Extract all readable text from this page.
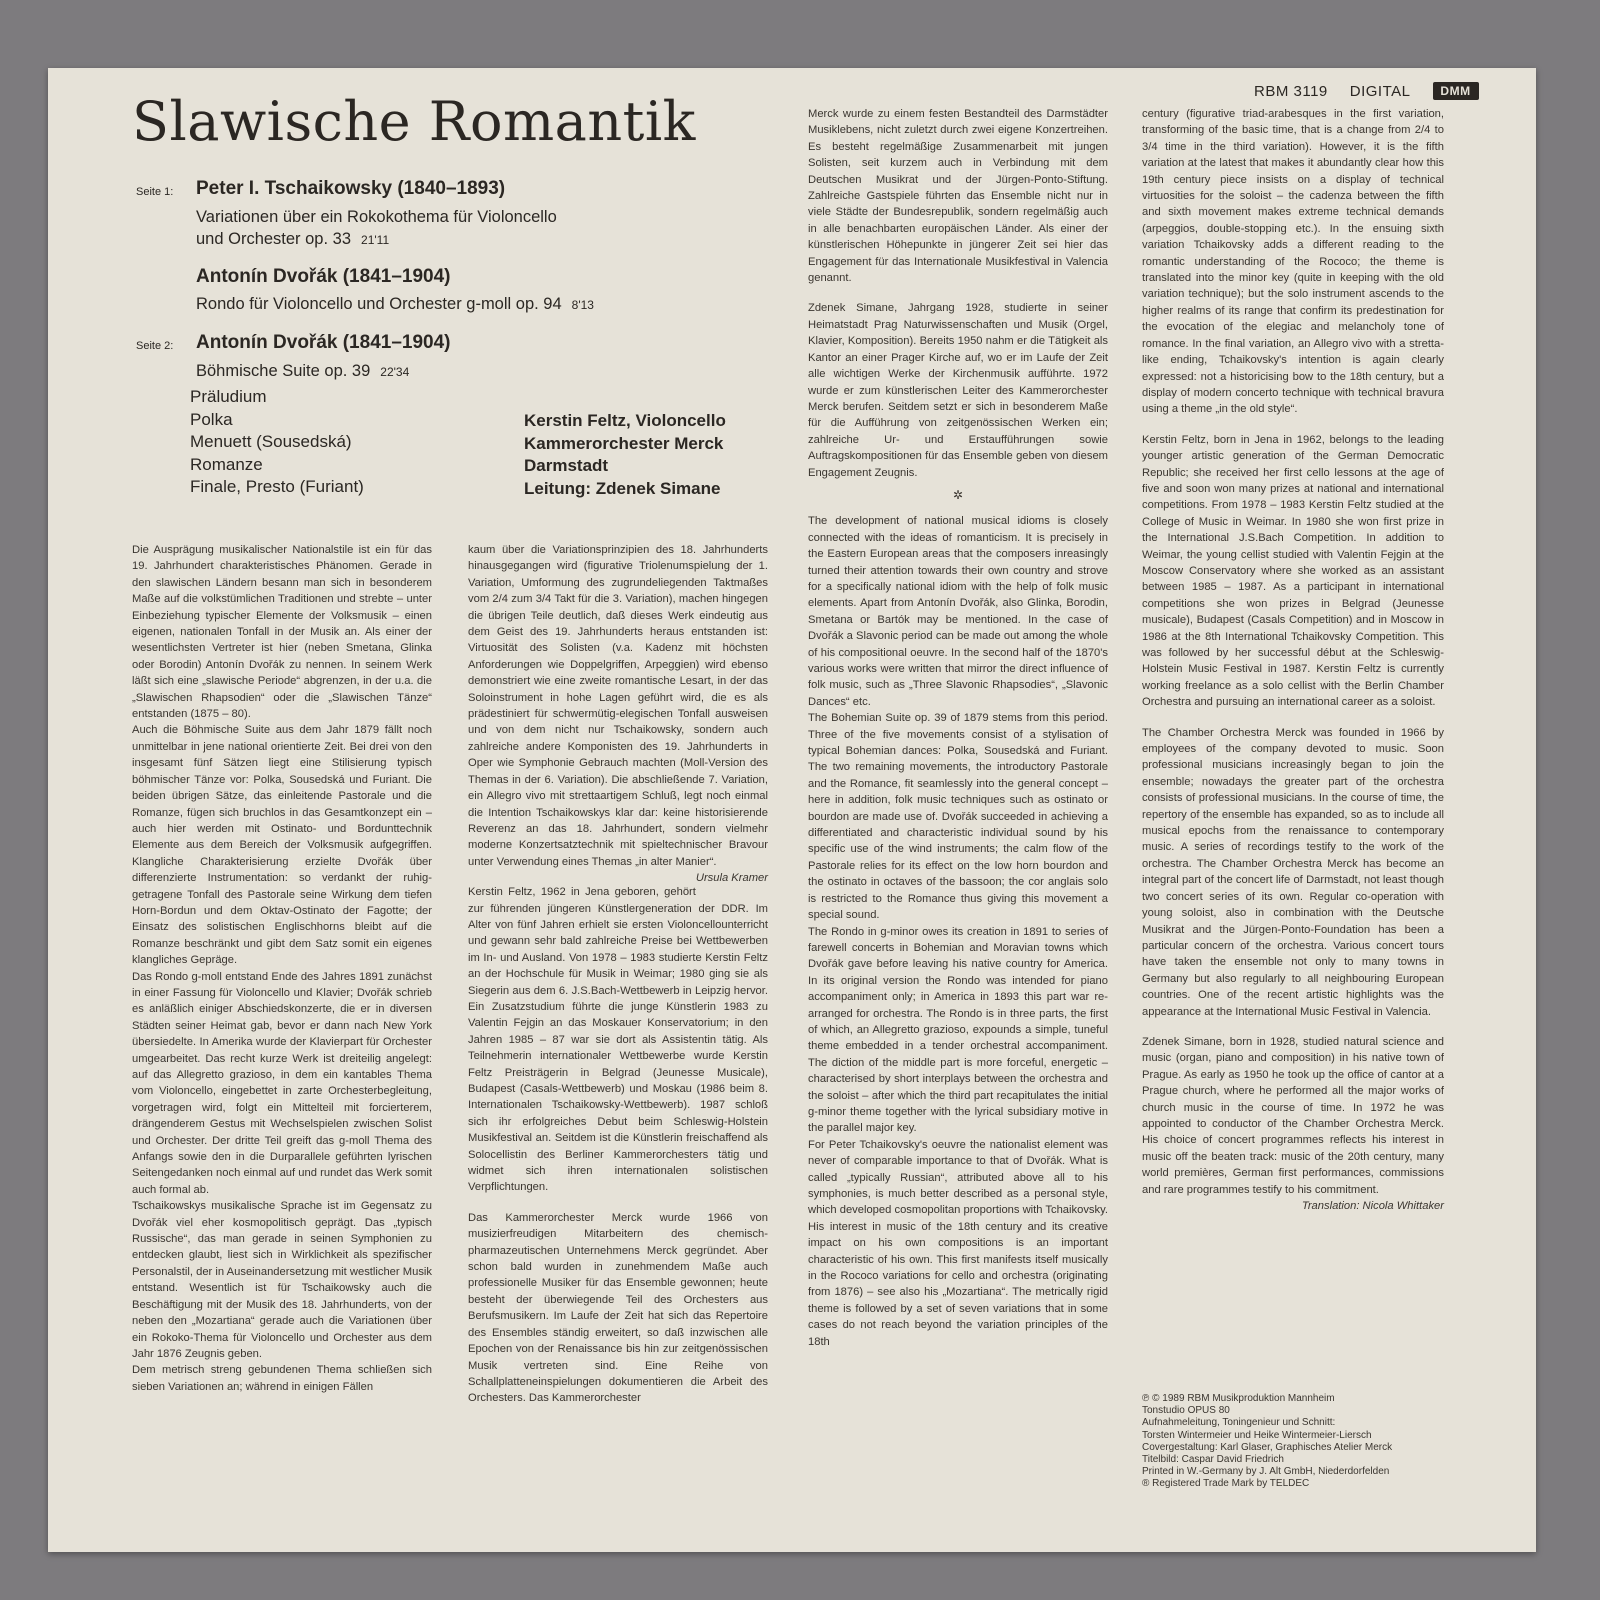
RBM 3119 DIGITAL	DMM
Slawische Romantik
Seite 1: Peter I. Tschaikowsky (1840–1893)
Variationen über ein Rokokothema für Violoncello
und Orchester op. 33 21'11
Antonín Dvořák (1841–1904)
Rondo für Violoncello und Orchester g-moll op. 94 8'13
Seite 2: Antonín Dvořák (1841–1904)
Böhmische Suite op. 39 22'34
Präludium
Polka
Menuett (Sousedská)
Romanze
Finale, Presto (Furiant)
Kerstin Feltz, Violoncello
Kammerorchester Merck
Darmstadt
Leitung: Zdenek Simane

Die Ausprägung musikalischer Nationalstile ist ein für das 19. Jahrhundert charakteristisches Phänomen. Gerade in den slawischen Ländern besann man sich in besonderem Maße auf die volkstümlichen Traditionen und strebte – unter Einbeziehung typischer Elemente der Volksmusik – einen eigenen, nationalen Tonfall in der Musik an. Als einer der wesentlichsten Vertreter ist hier (neben Smetana, Glinka oder Borodin) Antonín Dvořák zu nennen. In seinem Werk läßt sich eine „slawische Periode“ abgrenzen, in der u.a. die „Slawischen Rhapsodien“ oder die „Slawischen Tänze“ entstanden (1875 – 80).

Auch die Böhmische Suite aus dem Jahr 1879 fällt noch unmittelbar in jene national orientierte Zeit. Bei drei von den insgesamt fünf Sätzen liegt eine Stilisierung typisch böhmischer Tänze vor: Polka, Sousedská und Furiant. Die beiden übrigen Sätze, das einleitende Pastorale und die Romanze, fügen sich bruchlos in das Gesamtkonzept ein – auch hier werden mit Ostinato- und Bordunttechnik Elemente aus dem Bereich der Volksmusik aufgegriffen. Klangliche Charakterisierung erzielte Dvořák über differenzierte Instrumentation: so verdankt der ruhig-getragene Tonfall des Pastorale seine Wirkung dem tiefen Horn-Bordun und dem Oktav-Ostinato der Fagotte; der Einsatz des solistischen Englischhorns bleibt auf die Romanze beschränkt und gibt dem Satz somit ein eigenes klangliches Gepräge.

Das Rondo g-moll entstand Ende des Jahres 1891 zunächst in einer Fassung für Violoncello und Klavier; Dvořák schrieb es anläßlich einiger Abschiedskonzerte, die er in diversen Städten seiner Heimat gab, bevor er dann nach New York übersiedelte. In Amerika wurde der Klavierpart für Orchester umgearbeitet. Das recht kurze Werk ist dreiteilig angelegt: auf das Allegretto grazioso, in dem ein kantables Thema vom Violoncello, eingebettet in zarte Orchesterbegleitung, vorgetragen wird, folgt ein Mittelteil mit forcierterem, drängenderem Gestus mit Wechselspielen zwischen Solist und Orchester. Der dritte Teil greift das g-moll Thema des Anfangs sowie den in die Durparallele geführten lyrischen Seitengedanken noch einmal auf und rundet das Werk somit auch formal ab.

Tschaikowskys musikalische Sprache ist im Gegensatz zu Dvořák viel eher kosmopolitisch geprägt. Das „typisch Russische“, das man gerade in seinen Symphonien zu entdecken glaubt, liest sich in Wirklichkeit als spezifischer Personalstil, der in Auseinandersetzung mit westlicher Musik entstand. Wesentlich ist für Tschaikowsky auch die Beschäftigung mit der Musik des 18. Jahrhunderts, von der neben den „Mozartiana“ gerade auch die Variationen über ein Rokoko-Thema für Violoncello und Orchester aus dem Jahr 1876 Zeugnis geben.

Dem metrisch streng gebundenen Thema schließen sich sieben Variationen an; während in einigen Fällen

kaum über die Variationsprinzipien des 18. Jahrhunderts hinausgegangen wird (figurative Triolenumspielung der 1. Variation, Umformung des zugrundeliegenden Taktmaßes vom 2/4 zum 3/4 Takt für die 3. Variation), machen hingegen die übrigen Teile deutlich, daß dieses Werk eindeutig aus dem Geist des 19. Jahrhunderts heraus entstanden ist: Virtuosität des Solisten (v.a. Kadenz mit höchsten Anforderungen wie Doppelgriffen, Arpeggien) wird ebenso demonstriert wie eine zweite romantische Lesart, in der das Soloinstrument in hohe Lagen geführt wird, die es als prädestiniert für schwermütig-elegischen Tonfall ausweisen und von dem nicht nur Tschaikowsky, sondern auch zahlreiche andere Komponisten des 19. Jahrhunderts in Oper wie Symphonie Gebrauch machten (Moll-Version des Themas in der 6. Variation). Die abschließende 7. Variation, ein Allegro vivo mit strettaartigem Schluß, legt noch einmal die Intention Tschaikowskys klar dar: keine historisierende Reverenz an das 18. Jahrhundert, sondern vielmehr moderne Konzertsatztechnik mit spieltechnischer Bravour unter Verwendung eines Themas „in alter Manier“.
Ursula Kramer

Kerstin Feltz, 1962 in Jena geboren, gehört zur führenden jüngeren Künstlergeneration der DDR. Im Alter von fünf Jahren erhielt sie ersten Violoncellounterricht und gewann sehr bald zahlreiche Preise bei Wettbewerben im In- und Ausland. Von 1978 – 1983 studierte Kerstin Feltz an der Hochschule für Musik in Weimar; 1980 ging sie als Siegerin aus dem 6. J.S.Bach-Wettbewerb in Leipzig hervor. Ein Zusatzstudium führte die junge Künstlerin 1983 zu Valentin Fejgin an das Moskauer Konservatorium; in den Jahren 1985 – 87 war sie dort als Assistentin tätig. Als Teilnehmerin internationaler Wettbewerbe wurde Kerstin Feltz Preisträgerin in Belgrad (Jeunesse Musicale), Budapest (Casals-Wettbewerb) und Moskau (1986 beim 8. Internationalen Tschaikowsky-Wettbewerb). 1987 schloß sich ihr erfolgreiches Debut beim Schleswig-Holstein Musikfestival an. Seitdem ist die Künstlerin freischaffend als Solocellistin des Berliner Kammerorchesters tätig und widmet sich ihren internationalen solistischen Verpflichtungen.

Das Kammerorchester Merck wurde 1966 von musizierfreudigen Mitarbeitern des chemisch-pharmazeutischen Unternehmens Merck gegründet. Aber schon bald wurden in zunehmendem Maße auch professionelle Musiker für das Ensemble gewonnen; heute besteht der überwiegende Teil des Orchesters aus Berufsmusikern. Im Laufe der Zeit hat sich das Repertoire des Ensembles ständig erweitert, so daß inzwischen alle Epochen von der Renaissance bis hin zur zeitgenössischen Musik vertreten sind. Eine Reihe von Schallplatteneinspielungen dokumentieren die Arbeit des Orchesters. Das Kammerorchester

Merck wurde zu einem festen Bestandteil des Darmstädter Musiklebens, nicht zuletzt durch zwei eigene Konzertreihen. Es besteht regelmäßige Zusammenarbeit mit jungen Solisten, seit kurzem auch in Verbindung mit dem Deutschen Musikrat und der Jürgen-Ponto-Stiftung. Zahlreiche Gastspiele führten das Ensemble nicht nur in viele Städte der Bundesrepublik, sondern regelmäßig auch in alle benachbarten europäischen Länder. Als einer der künstlerischen Höhepunkte in jüngerer Zeit sei hier das Engagement für das Internationale Musikfestival in Valencia genannt.

Zdenek Simane, Jahrgang 1928, studierte in seiner Heimatstadt Prag Naturwissenschaften und Musik (Orgel, Klavier, Komposition). Bereits 1950 nahm er die Tätigkeit als Kantor an einer Prager Kirche auf, wo er im Laufe der Zeit alle wichtigen Werke der Kirchenmusik aufführte. 1972 wurde er zum künstlerischen Leiter des Kammerorchester Merck berufen. Seitdem setzt er sich in besonderem Maße für die Aufführung von zeitgenössischen Werken ein; zahlreiche Ur- und Erstaufführungen sowie Auftragskompositionen für das Ensemble geben von diesem Engagement Zeugnis.

✲

The development of national musical idioms is closely connected with the ideas of romanticism. It is precisely in the Eastern European areas that the composers inreasingly turned their attention towards their own country and strove for a specifically national idiom with the help of folk music elements. Apart from Antonín Dvořák, also Glinka, Borodin, Smetana or Bartók may be mentioned. In the case of Dvořák a Slavonic period can be made out among the whole of his compositional oeuvre. In the second half of the 1870's various works were written that mirror the direct influence of folk music, such as „Three Slavonic Rhapsodies“, „Slavonic Dances“ etc.

The Bohemian Suite op. 39 of 1879 stems from this period. Three of the five movements consist of a stylisation of typical Bohemian dances: Polka, Sousedská and Furiant. The two remaining movements, the introductory Pastorale and the Romance, fit seamlessly into the general concept – here in addition, folk music techniques such as ostinato or bourdon are made use of. Dvořák succeeded in achieving a differentiated and characteristic individual sound by his specific use of the wind instruments; the calm flow of the Pastorale relies for its effect on the low horn bourdon and the ostinato in octaves of the bassoon; the cor anglais solo is restricted to the Romance thus giving this movement a special sound.

The Rondo in g-minor owes its creation in 1891 to series of farewell concerts in Bohemian and Moravian towns which Dvořák gave before leaving his native country for America. In its original version the Rondo was intended for piano accompaniment only; in America in 1893 this part war re-arranged for orchestra. The Rondo is in three parts, the first of which, an Allegretto grazioso, expounds a simple, tuneful theme embedded in a tender orchestral accompaniment. The diction of the middle part is more forceful, energetic – characterised by short interplays between the orchestra and the soloist – after which the third part recapitulates the initial g-minor theme together with the lyrical subsidiary motive in the parallel major key.

For Peter Tchaikovsky's oeuvre the nationalist element was never of comparable importance to that of Dvořák. What is called „typically Russian“, attributed above all to his symphonies, is much better described as a personal style, which developed cosmopolitan proportions with Tchaikovsky. His interest in music of the 18th century and its creative impact on his own compositions is an important characteristic of his own. This first manifests itself musically in the Rococo variations for cello and orchestra (originating from 1876) – see also his „Mozartiana“. The metrically rigid theme is followed by a set of seven variations that in some cases do not reach beyond the variation principles of the 18th

century (figurative triad-arabesques in the first variation, transforming of the basic time, that is a change from 2/4 to 3/4 time in the third variation). However, it is the fifth variation at the latest that makes it abundantly clear how this 19th century piece insists on a display of technical virtuosities for the soloist – the cadenza between the fifth and sixth movement makes extreme technical demands (arpeggios, double-stopping etc.). In the ensuing sixth variation Tchaikovsky adds a different reading to the romantic understanding of the Rococo; the theme is translated into the minor key (quite in keeping with the old variation technique); but the solo instrument ascends to the higher realms of its range that confirm its predestination for the evocation of the elegiac and melancholy tone of romance. In the final variation, an Allegro vivo with a stretta-like ending, Tchaikovsky's intention is again clearly expressed: not a historicising bow to the 18th century, but a display of modern concerto technique with technical bravura using a theme „in the old style“.

Kerstin Feltz, born in Jena in 1962, belongs to the leading younger artistic generation of the German Democratic Republic; she received her first cello lessons at the age of five and soon won many prizes at national and international competitions. From 1978 – 1983 Kerstin Feltz studied at the College of Music in Weimar. In 1980 she won first prize in the International J.S.Bach Competition. In addition to Weimar, the young cellist studied with Valentin Fejgin at the Moscow Conservatory where she worked as an assistant between 1985 – 1987. As a participant in international competitions she won prizes in Belgrad (Jeunesse musicale), Budapest (Casals Competition) and in Moscow in 1986 at the 8th International Tchaikovsky Competition. This was followed by her successful début at the Schleswig-Holstein Music Festival in 1987. Kerstin Feltz is currently working freelance as a solo cellist with the Berlin Chamber Orchestra and pursuing an international career as a soloist.

The Chamber Orchestra Merck was founded in 1966 by employees of the company devoted to music. Soon professional musicians increasingly began to join the ensemble; nowadays the greater part of the orchestra consists of professional musicians. In the course of time, the repertory of the ensemble has expanded, so as to include all musical epochs from the renaissance to contemporary music. A series of recordings testify to the work of the orchestra. The Chamber Orchestra Merck has become an integral part of the concert life of Darmstadt, not least though two concert series of its own. Regular co-operation with young soloist, also in combination with the Deutsche Musikrat and the Jürgen-Ponto-Foundation has been a particular concern of the orchestra. Various concert tours have taken the ensemble not only to many towns in Germany but also regularly to all neighbouring European countries. One of the recent artistic highlights was the appearance at the International Music Festival in Valencia.

Zdenek Simane, born in 1928, studied natural science and music (organ, piano and composition) in his native town of Prague. As early as 1950 he took up the office of cantor at a Prague church, where he performed all the major works of church music in the course of time. In 1972 he was appointed to conductor of the Chamber Orchestra Merck. His choice of concert programmes reflects his interest in music off the beaten track: music of the 20th century, many world premières, German first performances, commissions and rare programmes testify to his commitment.
Translation: Nicola Whittaker

℗ © 1989 RBM Musikproduktion Mannheim
Tonstudio OPUS 80
Aufnahmeleitung, Toningenieur und Schnitt:
Torsten Wintermeier und Heike Wintermeier-Liersch
Covergestaltung: Karl Glaser, Graphisches Atelier Merck
Titelbild: Caspar David Friedrich
Printed in W.-Germany by J. Alt GmbH, Niederdorfelden
® Registered Trade Mark by TELDEC
